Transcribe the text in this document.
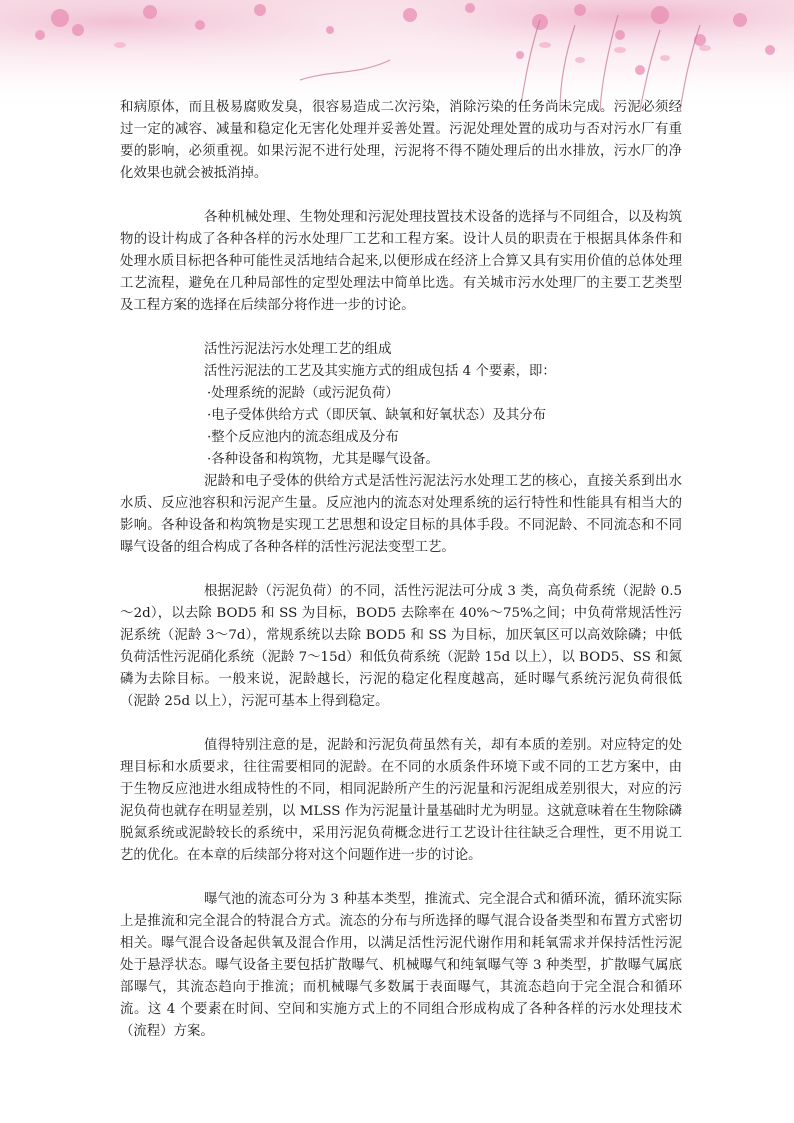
和病原体，而且极易腐败发臭，很容易造成二次污染，消除污染的任务尚未完成。污泥必须经过一定的减容、减量和稳定化无害化处理并妥善处置。污泥处理处置的成功与否对污水厂有重要的影响，必须重视。如果污泥不进行处理，污泥将不得不随处理后的出水排放，污水厂的净化效果也就会被抵消掉。

各种机械处理、生物处理和污泥处理技置技术设备的选择与不同组合，以及构筑物的设计构成了各种各样的污水处理厂工艺和工程方案。设计人员的职责在于根据具体条件和处理水质目标把各种可能性灵活地结合起来,以便形成在经济上合算又具有实用价值的总体处理工艺流程，避免在几种局部性的定型处理法中简单比选。有关城市污水处理厂的主要工艺类型及工程方案的选择在后续部分将作进一步的讨论。

活性污泥法污水处理工艺的组成

活性污泥法的工艺及其实施方式的组成包括 4 个要素，即：

·处理系统的泥龄（或污泥负荷）

·电子受体供给方式（即厌氧、缺氧和好氧状态）及其分布

·整个反应池内的流态组成及分布

·各种设备和构筑物，尤其是曝气设备。

泥龄和电子受体的供给方式是活性污泥法污水处理工艺的核心，直接关系到出水水质、反应池容积和污泥产生量。反应池内的流态对处理系统的运行特性和性能具有相当大的影响。各种设备和构筑物是实现工艺思想和设定目标的具体手段。不同泥龄、不同流态和不同曝气设备的组合构成了各种各样的活性污泥法变型工艺。

根据泥龄（污泥负荷）的不同，活性污泥法可分成 3 类，高负荷系统（泥龄 0.5～2d），以去除 BOD5 和 SS 为目标，BOD5 去除率在 40%～75%之间；中负荷常规活性污泥系统（泥龄 3～7d），常规系统以去除 BOD5 和 SS 为目标，加厌氧区可以高效除磷；中低负荷活性污泥硝化系统（泥龄 7～15d）和低负荷系统（泥龄 15d 以上），以 BOD5、SS 和氮磷为去除目标。一般来说，泥龄越长，污泥的稳定化程度越高，延时曝气系统污泥负荷很低（泥龄 25d 以上），污泥可基本上得到稳定。

值得特别注意的是，泥龄和污泥负荷虽然有关，却有本质的差别。对应特定的处理目标和水质要求，往往需要相同的泥龄。在不同的水质条件环境下或不同的工艺方案中，由于生物反应池进水组成特性的不同，相同泥龄所产生的污泥量和污泥组成差别很大，对应的污泥负荷也就存在明显差别，以 MLSS 作为污泥量计量基础时尤为明显。这就意味着在生物除磷脱氮系统或泥龄较长的系统中，采用污泥负荷概念进行工艺设计往往缺乏合理性，更不用说工艺的优化。在本章的后续部分将对这个问题作进一步的讨论。

曝气池的流态可分为 3 种基本类型，推流式、完全混合式和循环流，循环流实际上是推流和完全混合的特混合方式。流态的分布与所选择的曝气混合设备类型和布置方式密切相关。曝气混合设备起供氧及混合作用，以满足活性污泥代谢作用和耗氧需求并保持活性污泥处于悬浮状态。曝气设备主要包括扩散曝气、机械曝气和纯氧曝气等 3 种类型，扩散曝气属底部曝气，其流态趋向于推流；而机械曝气多数属于表面曝气，其流态趋向于完全混合和循环流。这 4 个要素在时间、空间和实施方式上的不同组合形成构成了各种各样的污水处理技术（流程）方案。
